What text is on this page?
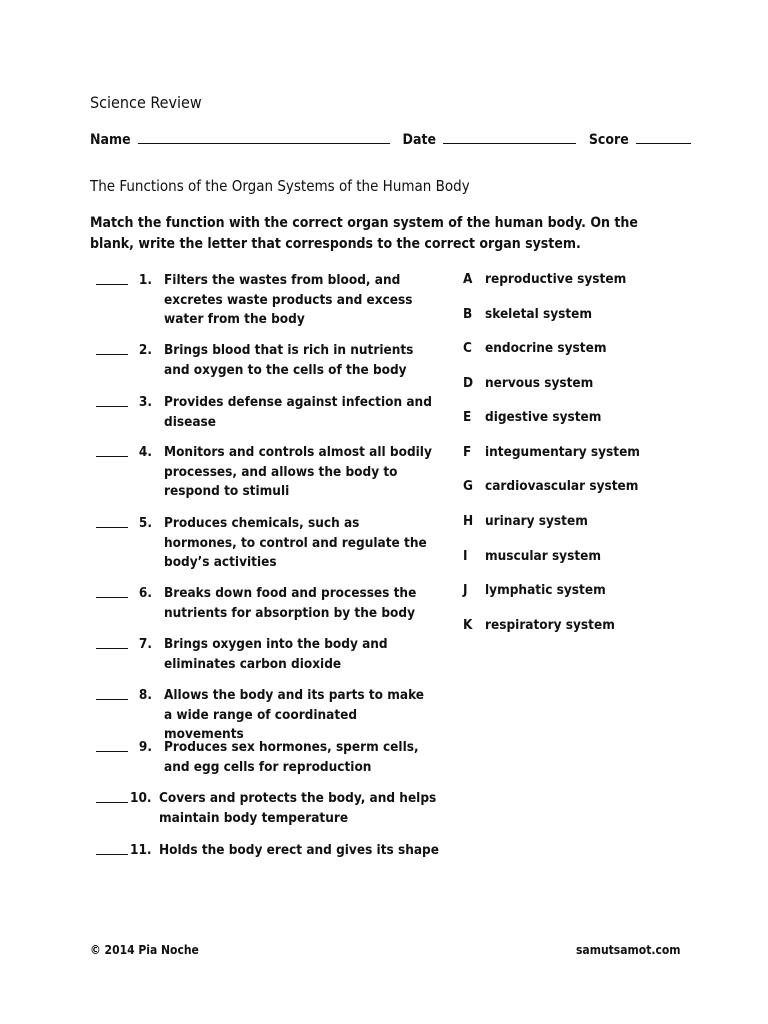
Science Review
Name	Date	Score
The Functions of the Organ Systems of the Human Body
Match the function with the correct organ system of the human body. On the blank, write the letter that corresponds to the correct organ system.
1. Filters the wastes from blood, and excretes waste products and excess water from the body
2. Brings blood that is rich in nutrients and oxygen to the cells of the body
3. Provides defense against infection and disease
4. Monitors and controls almost all bodily processes, and allows the body to respond to stimuli
5. Produces chemicals, such as hormones, to control and regulate the body’s activities
6. Breaks down food and processes the nutrients for absorption by the body
7. Brings oxygen into the body and eliminates carbon dioxide
8. Allows the body and its parts to make a wide range of coordinated movements
9. Produces sex hormones, sperm cells, and egg cells for reproduction
10. Covers and protects the body, and helps maintain body temperature
11. Holds the body erect and gives its shape
A reproductive system
B skeletal system
C endocrine system
D nervous system
E digestive system
F integumentary system
G cardiovascular system
H urinary system
I muscular system
J lymphatic system
K respiratory system
© 2014 Pia Noche	samutsamot.com
